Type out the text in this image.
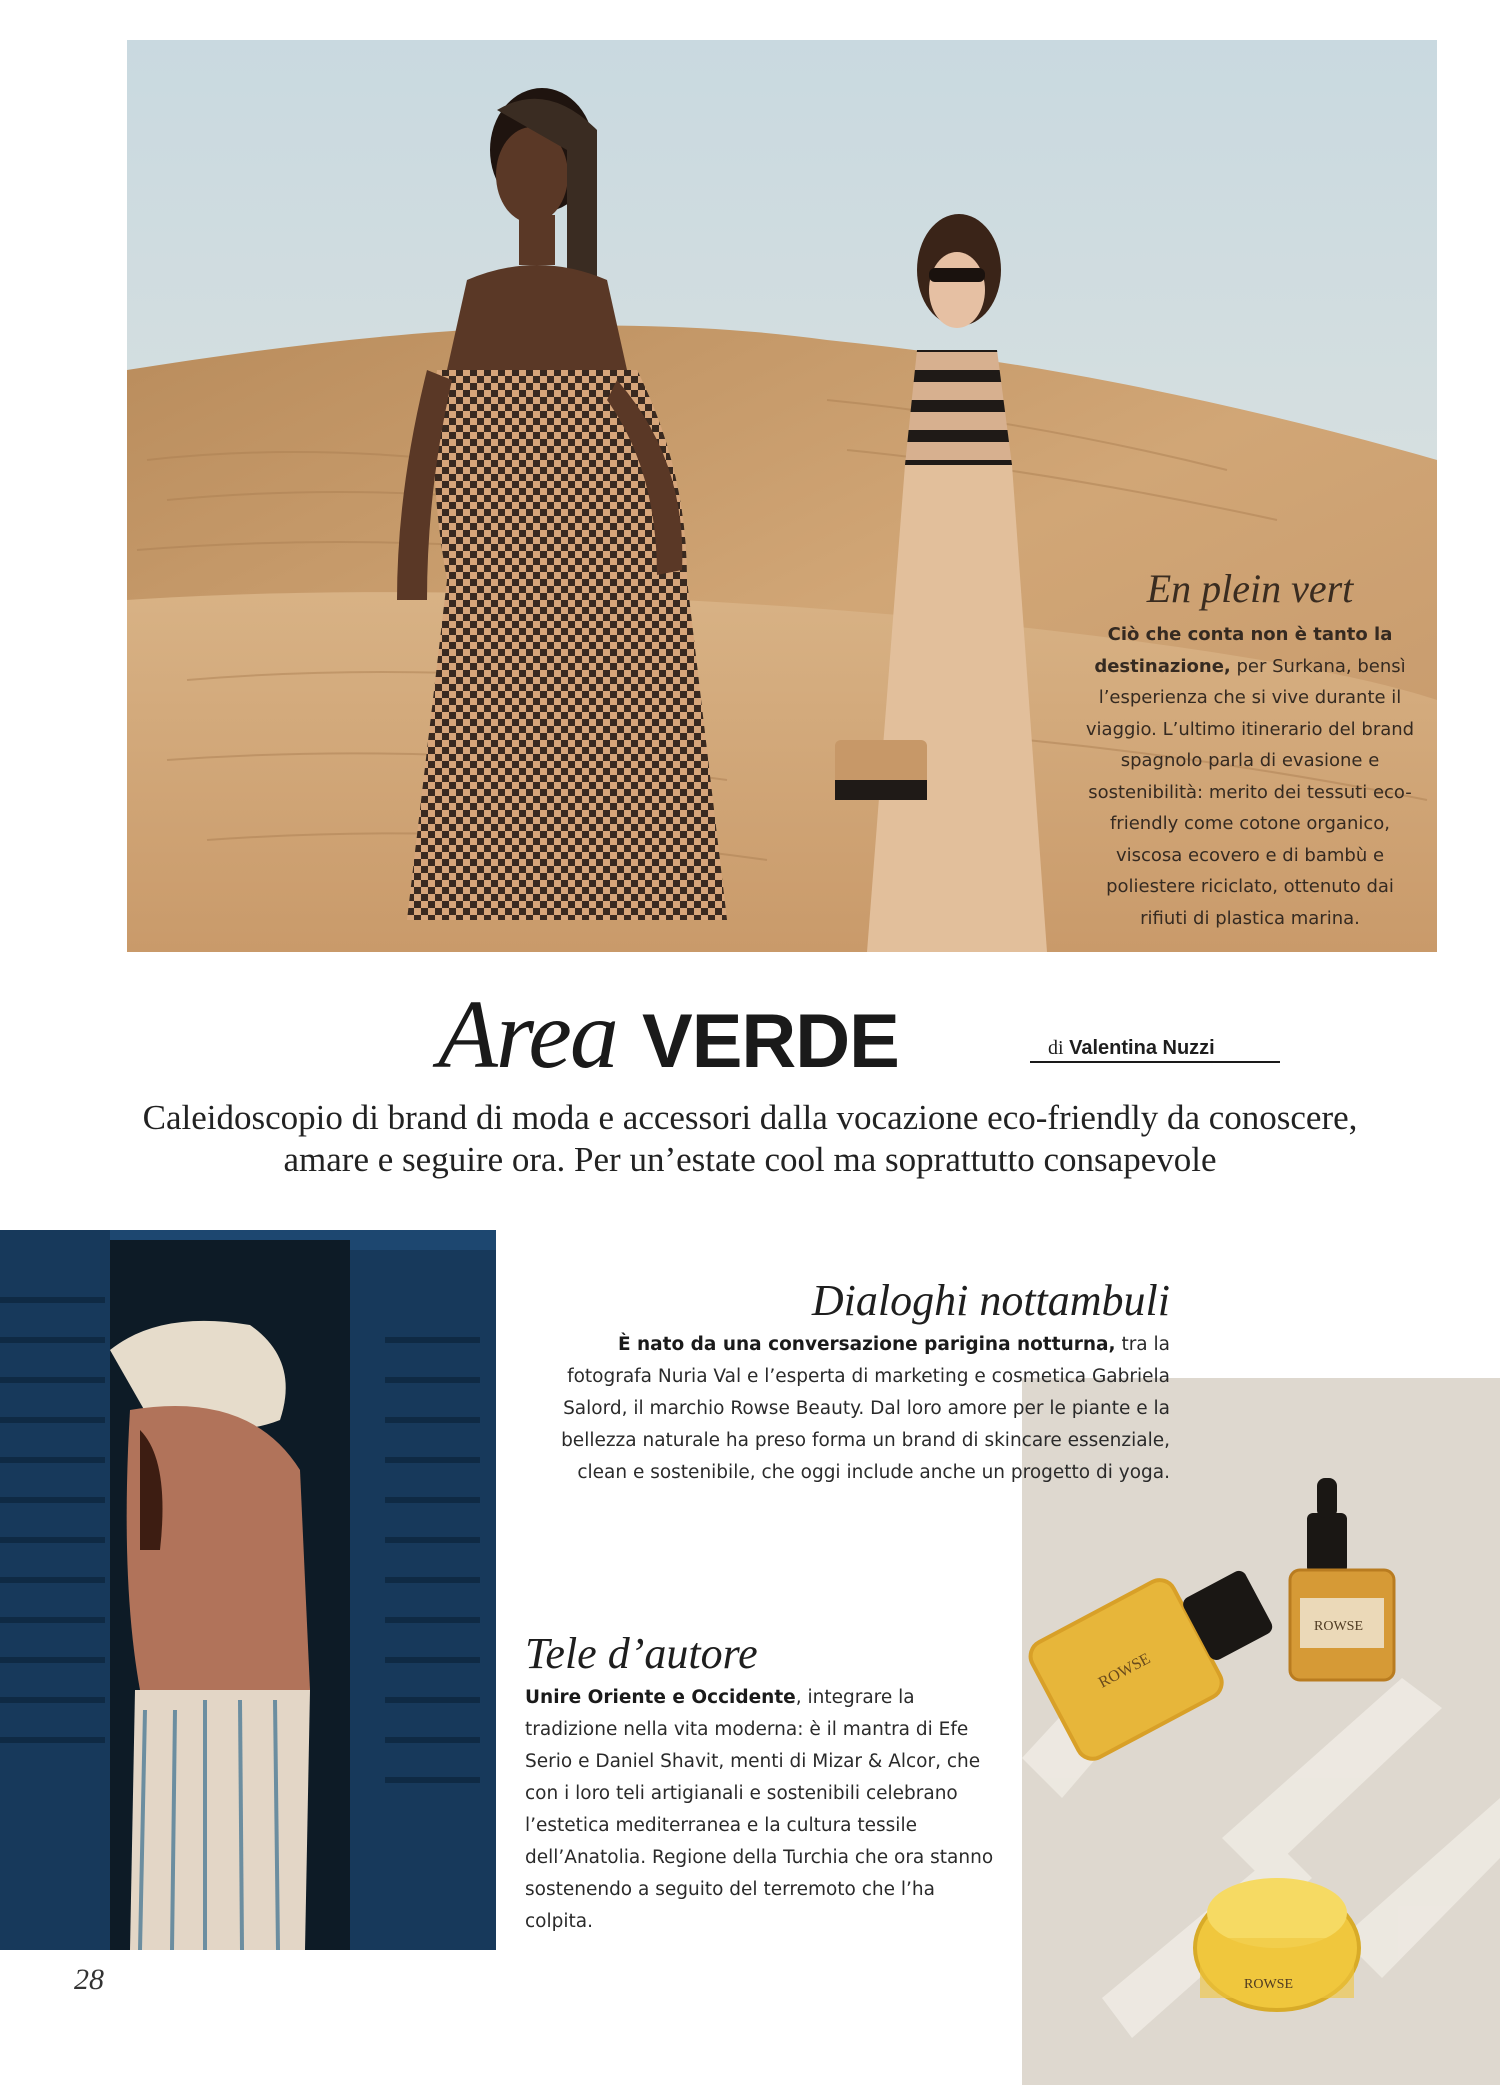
En plein vert
Ciò che conta non è tanto la destinazione, per Surkana, bensì l’esperienza che si vive durante il viaggio. L’ultimo itinerario del brand spagnolo parla di evasione e sostenibilità: merito dei tessuti eco-friendly come cotone organico, viscosa ecovero e di bambù e poliestere riciclato, ottenuto dai rifiuti di plastica marina.
Area VERDE	di Valentina Nuzzi
Caleidoscopio di brand di moda e accessori dalla vocazione eco-friendly da conoscere, amare e seguire ora. Per un’estate cool ma soprattutto consapevole
ROWSE
ROWSE
ROWSE
Dialoghi nottambuli
È nato da una conversazione parigina notturna, tra la fotografa Nuria Val e l’esperta di marketing e cosmetica Gabriela Salord, il marchio Rowse Beauty. Dal loro amore per le piante e la bellezza naturale ha preso forma un brand di skincare essenziale, clean e sostenibile, che oggi include anche un progetto di yoga.
Tele d’autore
Unire Oriente e Occidente, integrare la tradizione nella vita moderna: è il mantra di Efe Serio e Daniel Shavit, menti di Mizar & Alcor, che con i loro teli artigianali e sostenibili celebrano l’estetica mediterranea e la cultura tessile dell’Anatolia. Regione della Turchia che ora stanno sostenendo a seguito del terremoto che l’ha colpita.
28
